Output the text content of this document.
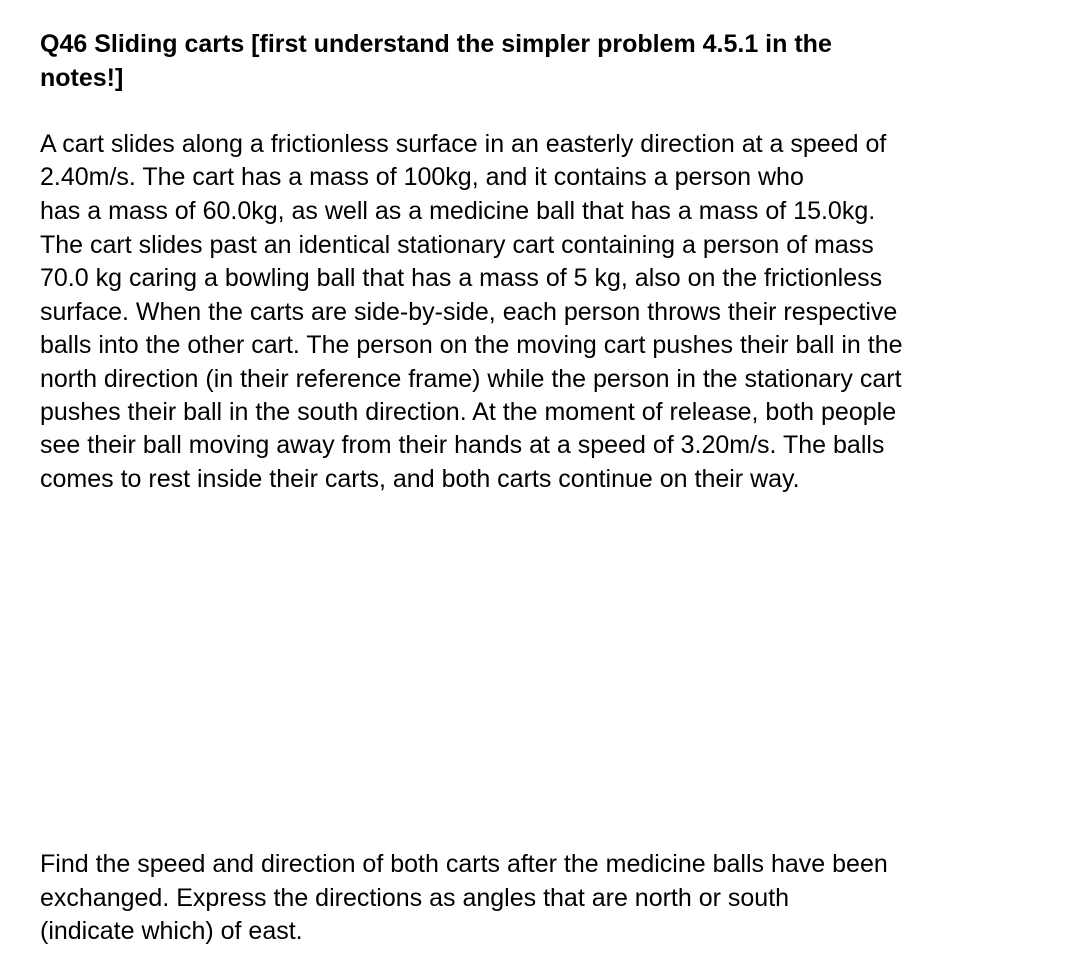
Q46 Sliding carts [first understand the simpler problem 4.5.1 in the
notes!]
A cart slides along a frictionless surface in an easterly direction at a speed of
2.40m/s. The cart has a mass of 100kg, and it contains a person who
has a mass of 60.0kg, as well as a medicine ball that has a mass of 15.0kg.
The cart slides past an identical stationary cart containing a person of mass
70.0 kg caring a bowling ball that has a mass of 5 kg, also on the frictionless
surface. When the carts are side-by-side, each person throws their respective
balls into the other cart. The person on the moving cart pushes their ball in the
north direction (in their reference frame) while the person in the stationary cart
pushes their ball in the south direction. At the moment of release, both people
see their ball moving away from their hands at a speed of 3.20m/s. The balls
comes to rest inside their carts, and both carts continue on their way.
Find the speed and direction of both carts after the medicine balls have been
exchanged. Express the directions as angles that are north or south
(indicate which) of east.
